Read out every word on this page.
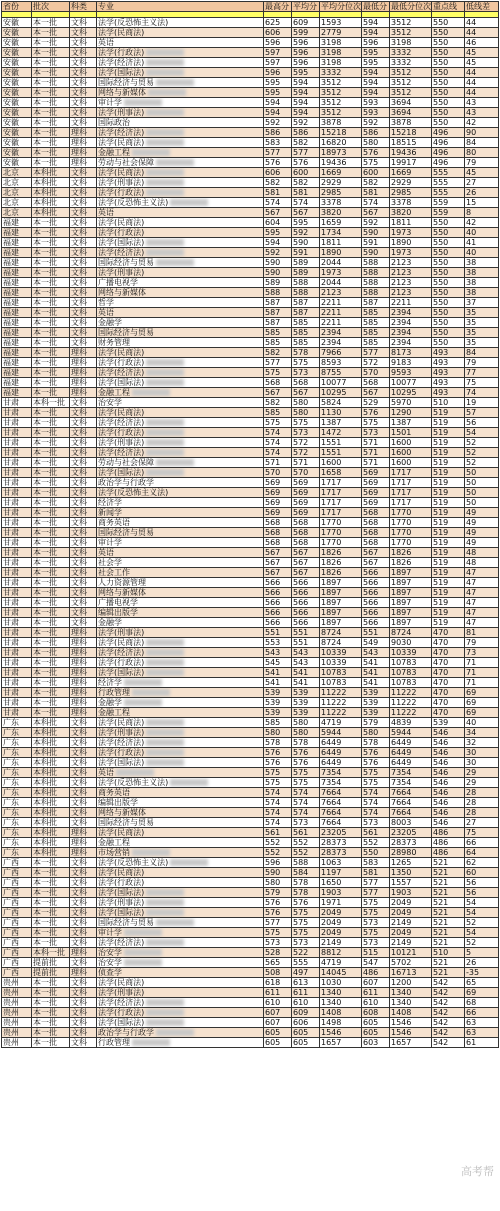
省份	批次	科类	专业	最高分	平均分	平均分位次	最低分	最低分位次	重点线	低线差

安徽	本一批	文科	法学(反恐怖主义法)	625	609	1593	594	3512	550	44
安徽	本一批	文科	法学(民商法)	606	599	2779	594	3512	550	44
安徽	本一批	文科	英语	596	596	3198	596	3198	550	46
安徽	本一批	文科	法学(行政法)	597	596	3198	595	3332	550	45
安徽	本一批	文科	法学(经济法)	597	596	3198	595	3332	550	45
安徽	本一批	文科	法学(国际法)	596	595	3332	594	3512	550	44
安徽	本一批	文科	国际经济与贸易	595	594	3512	594	3512	550	44
安徽	本一批	文科	网络与新媒体	595	594	3512	594	3512	550	44
安徽	本一批	文科	审计学	594	594	3512	593	3694	550	43
安徽	本一批	文科	法学(刑事法)	594	594	3512	593	3694	550	43
安徽	本一批	文科	国际政治	592	592	3878	592	3878	550	42
安徽	本一批	理科	法学(经济法)	586	586	15218	586	15218	496	90
安徽	本一批	理科	法学(民商法)	583	582	16820	580	18515	496	84
安徽	本一批	理科	金融工程	577	577	18973	576	19436	496	80
安徽	本一批	理科	劳动与社会保障	576	576	19436	575	19917	496	79
北京	本科批	文科	法学(民商法)	606	600	1669	600	1669	555	45
北京	本科批	文科	法学(刑事法)	582	582	2929	582	2929	555	27
北京	本科批	文科	法学(行政法)	581	581	2985	581	2985	555	26
北京	本科批	文科	法学(反恐怖主义法)	574	574	3378	574	3378	559	15
北京	本科批	文科	英语	567	567	3820	567	3820	559	8
福建	本一批	文科	法学(民商法)	604	595	1659	592	1811	550	42
福建	本一批	文科	法学(行政法)	595	592	1734	590	1973	550	40
福建	本一批	文科	法学(国际法)	594	590	1811	591	1890	550	41
福建	本一批	文科	法学(经济法)	592	591	1890	590	1973	550	40
福建	本一批	文科	国际经济与贸易	590	589	2044	588	2123	550	38
福建	本一批	文科	法学(刑事法)	590	589	1973	588	2123	550	38
福建	本一批	文科	广播电视学	589	588	2044	588	2123	550	38
福建	本一批	文科	网络与新媒体	588	588	2123	588	2123	550	38
福建	本一批	文科	哲学	587	587	2211	587	2211	550	37
福建	本一批	文科	英语	587	587	2211	585	2394	550	35
福建	本一批	文科	金融学	587	585	2211	585	2394	550	35
福建	本一批	文科	国际经济与贸易	585	585	2394	585	2394	550	35
福建	本一批	文科	财务管理	585	585	2394	585	2394	550	35
福建	本一批	理科	法学(民商法)	582	578	7966	577	8173	493	84
福建	本一批	理科	法学(行政法)	577	575	8593	572	9183	493	79
福建	本一批	理科	法学(经济法)	575	573	8755	570	9593	493	77
福建	本一批	理科	法学(国际法)	568	568	10077	568	10077	493	75
福建	本一批	理科	金融工程	567	567	10295	567	10295	493	74
甘肃	本科一批	文科	治安学	582	580	5824	529	5970	510	19
甘肃	本一批	文科	法学(民商法)	585	580	1130	576	1290	519	57
甘肃	本一批	文科	法学(经济法)	575	575	1387	575	1387	519	56
甘肃	本一批	文科	法学(行政法)	574	573	1472	573	1501	519	54
甘肃	本一批	文科	法学(刑事法)	574	572	1551	571	1600	519	52
甘肃	本一批	文科	法学(经济法)	574	572	1551	571	1600	519	52
甘肃	本一批	文科	劳动与社会保障	571	571	1600	571	1600	519	52
甘肃	本一批	文科	法学(国际法)	570	570	1658	569	1717	519	50
甘肃	本一批	文科	政治学与行政学	569	569	1717	569	1717	519	50
甘肃	本一批	文科	法学(反恐怖主义法)	569	569	1717	569	1717	519	50
甘肃	本一批	文科	经济学	569	569	1717	569	1717	519	50
甘肃	本一批	文科	新闻学	569	569	1717	568	1770	519	49
甘肃	本一批	文科	商务英语	568	568	1770	568	1770	519	49
甘肃	本一批	文科	国际经济与贸易	568	568	1770	568	1770	519	49
甘肃	本一批	文科	审计学	568	568	1770	568	1770	519	49
甘肃	本一批	文科	英语	567	567	1826	567	1826	519	48
甘肃	本一批	文科	社会学	567	567	1826	567	1826	519	48
甘肃	本一批	文科	社会工作	567	567	1826	566	1897	519	47
甘肃	本一批	文科	人力资源管理	566	566	1897	566	1897	519	47
甘肃	本一批	文科	网络与新媒体	566	566	1897	566	1897	519	47
甘肃	本一批	文科	广播电视学	566	566	1897	566	1897	519	47
甘肃	本一批	文科	编辑出版学	566	566	1897	566	1897	519	47
甘肃	本一批	文科	金融学	566	566	1897	566	1897	519	47
甘肃	本一批	理科	法学(刑事法)	551	551	8724	551	8724	470	81
甘肃	本一批	理科	法学(民商法)	553	551	8724	549	9030	470	79
甘肃	本一批	理科	法学(经济法)	543	543	10339	543	10339	470	73
甘肃	本一批	理科	法学(行政法)	545	543	10339	541	10783	470	71
甘肃	本一批	理科	法学(国际法)	541	541	10783	541	10783	470	71
甘肃	本一批	理科	经济学	541	541	10783	541	10783	470	71
甘肃	本一批	理科	行政管理	539	539	11222	539	11222	470	69
甘肃	本一批	理科	金融学	539	539	11222	539	11222	470	69
甘肃	本一批	理科	金融工程	539	539	11222	539	11222	470	69
广东	本科批	文科	法学(民商法)	585	580	4719	579	4839	539	40
广东	本科批	文科	法学(刑事法)	580	580	5944	580	5944	546	34
广东	本科批	文科	法学(经济法)	578	578	6449	578	6449	546	32
广东	本科批	文科	法学(行政法)	576	576	6449	576	6449	546	30
广东	本科批	文科	法学(国际法)	576	576	6449	576	6449	546	30
广东	本科批	文科	英语	575	575	7354	575	7354	546	29
广东	本科批	文科	法学(反恐怖主义法)	575	575	7354	575	7354	546	29
广东	本科批	文科	商务英语	574	574	7664	574	7664	546	28
广东	本科批	文科	编辑出版学	574	574	7664	574	7664	546	28
广东	本科批	文科	网络与新媒体	574	574	7664	574	7664	546	28
广东	本科批	文科	国际经济与贸易	574	573	7664	573	8003	546	27
广东	本科批	理科	法学(民商法)	561	561	23205	561	23205	486	75
广东	本科批	理科	金融工程	552	552	28373	552	28373	486	66
广东	本科批	理科	市场营销	552	552	28373	550	28980	486	64
广西	本一批	文科	法学(反恐怖主义法)	596	588	1063	583	1265	521	62
广西	本一批	文科	法学(民商法)	590	584	1197	581	1350	521	60
广西	本一批	文科	法学(行政法)	580	578	1650	577	1557	521	56
广西	本一批	文科	法学(国际法)	579	578	1903	577	1903	521	56
广西	本一批	文科	法学(刑事法)	576	576	1971	575	2049	521	54
广西	本一批	文科	法学(国际法)	576	575	2049	575	2049	521	54
广西	本一批	文科	国际经济与贸易	577	575	2049	573	2149	521	52
广西	本一批	文科	审计学	575	575	2049	575	2049	521	54
广西	本一批	文科	法学(经济法)	573	573	2149	573	2149	521	52
广西	本科一批	理科	治安学	528	522	8812	515	10121	510	5
广西	提前批	文科	治安学	565	555	4719	547	5702	521	26
广西	提前批	理科	侦查学	508	497	14045	486	16713	521	-35
贵州	本一批	文科	法学(民商法)	618	613	1030	607	1200	542	65
贵州	本一批	文科	法学(刑事法)	611	611	1340	611	1340	542	69
贵州	本一批	文科	法学(经济法)	610	610	1340	610	1340	542	68
贵州	本一批	文科	法学(行政法)	607	609	1408	608	1408	542	66
贵州	本一批	文科	法学(国际法)	607	606	1498	605	1546	542	63
贵州	本一批	文科	政治学与行政学	605	605	1546	605	1546	542	63
贵州	本一批	文科	行政管理	605	605	1657	603	1657	542	61
高考帮
